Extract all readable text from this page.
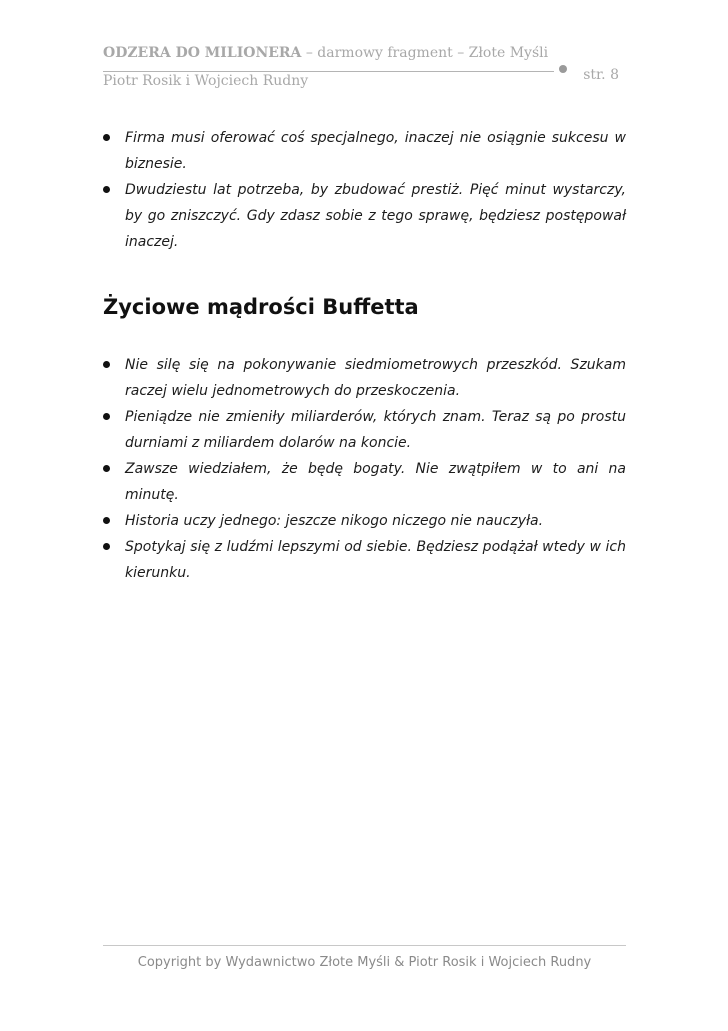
ODZERA DO MILIONERA – darmowy fragment – Złote Myśli
Piotr Rosik i Wojciech Rudny	str. 8
Firma musi oferować coś specjalnego, inaczej nie osiągnie sukcesu w biznesie.
Dwudziestu lat potrzeba, by zbudować prestiż. Pięć minut wystarczy, by go zniszczyć. Gdy zdasz sobie z tego sprawę, będziesz postępował inaczej.
Życiowe mądrości Buffetta
Nie silę się na pokonywanie siedmiometrowych przeszkód. Szukam raczej wielu jednometrowych do przeskoczenia.
Pieniądze nie zmieniły miliarderów, których znam. Teraz są po prostu durniami z miliardem dolarów na koncie.
Zawsze wiedziałem, że będę bogaty. Nie zwątpiłem w to ani na minutę.
Historia uczy jednego: jeszcze nikogo niczego nie nauczyła.
Spotykaj się z ludźmi lepszymi od siebie. Będziesz podążał wtedy w ich kierunku.
Copyright by Wydawnictwo Złote Myśli & Piotr Rosik i Wojciech Rudny
